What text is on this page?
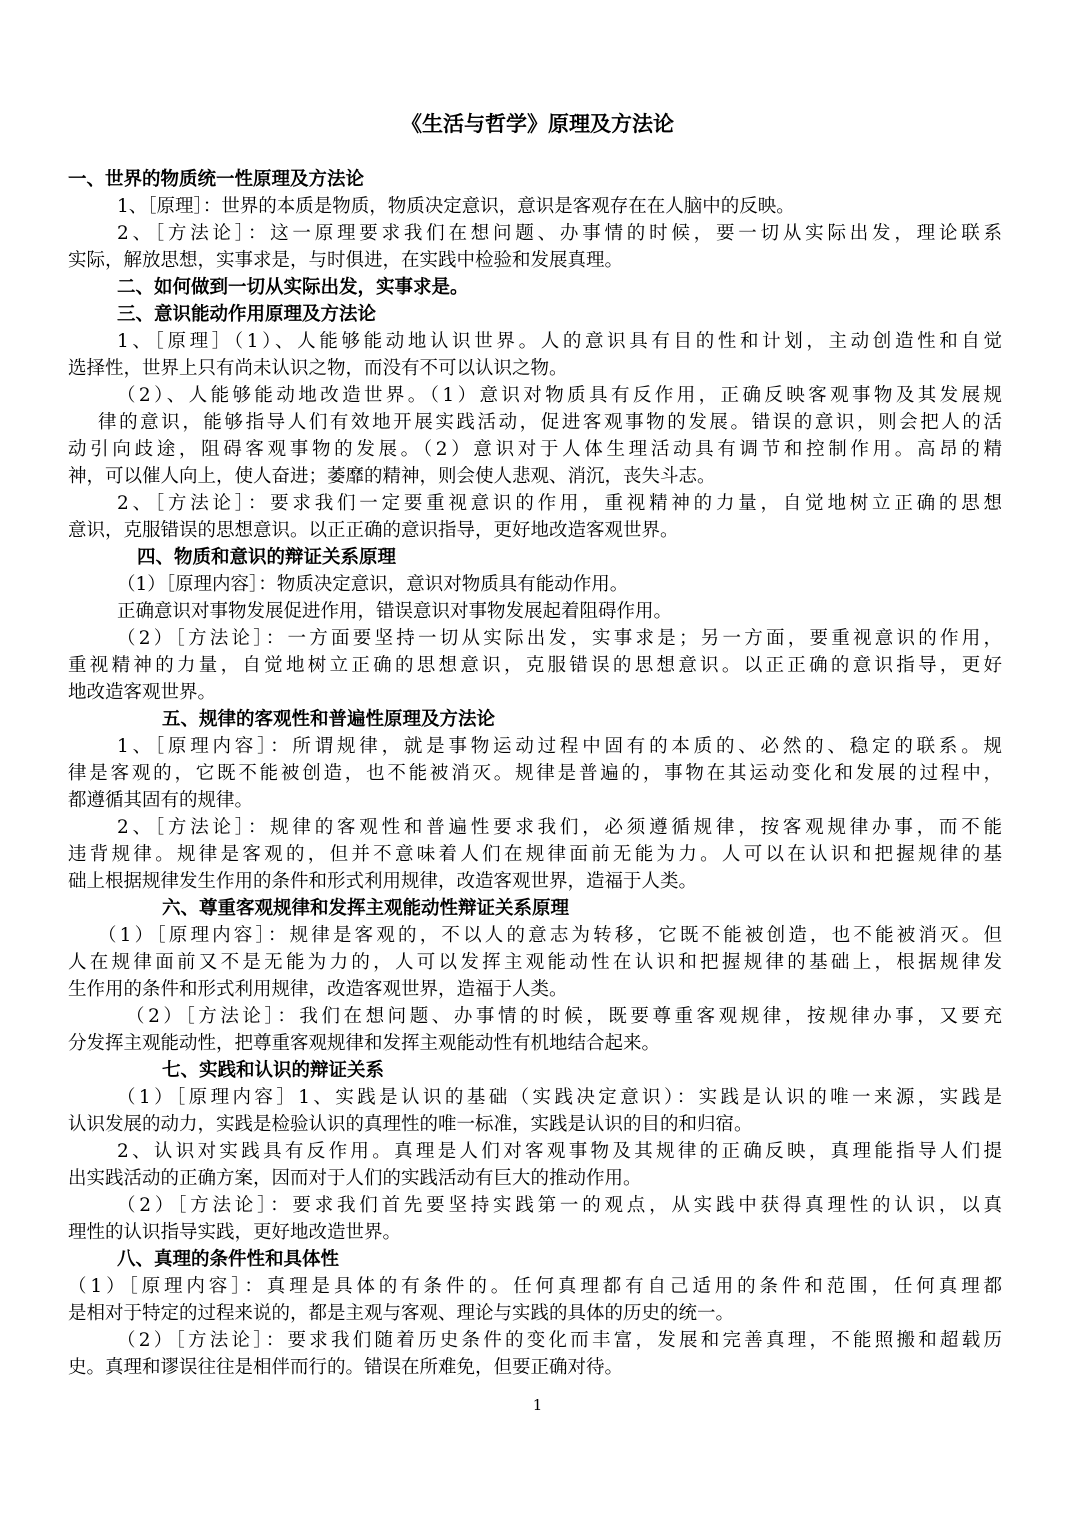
《生活与哲学》原理及方法论
一、世界的物质统一性原理及方法论
1、［原理］：世界的本质是物质，物质决定意识，意识是客观存在在人脑中的反映。
2、［方法论］：这一原理要求我们在想问题、办事情的时候，要一切从实际出发，理论联系
实际，解放思想，实事求是，与时俱进，在实践中检验和发展真理。
二、如何做到一切从实际出发，实事求是。
三、意识能动作用原理及方法论
1、［原理］（1）、人能够能动地认识世界。人的意识具有目的性和计划，主动创造性和自觉
选择性，世界上只有尚未认识之物，而没有不可以认识之物。
（2）、人能够能动地改造世界。（1）意识对物质具有反作用，正确反映客观事物及其发展规
律的意识，能够指导人们有效地开展实践活动，促进客观事物的发展。错误的意识，则会把人的活
动引向歧途，阻碍客观事物的发展。（2）意识对于人体生理活动具有调节和控制作用。高昂的精
神，可以催人向上，使人奋进；萎靡的精神，则会使人悲观、消沉，丧失斗志。
2、［方法论］：要求我们一定要重视意识的作用，重视精神的力量，自觉地树立正确的思想
意识，克服错误的思想意识。以正正确的意识指导，更好地改造客观世界。
四、物质和意识的辩证关系原理
（1）［原理内容］：物质决定意识，意识对物质具有能动作用。
正确意识对事物发展促进作用，错误意识对事物发展起着阻碍作用。
（2）［方法论］：一方面要坚持一切从实际出发，实事求是；另一方面，要重视意识的作用，
重视精神的力量，自觉地树立正确的思想意识，克服错误的思想意识。以正正确的意识指导，更好
地改造客观世界。
五、规律的客观性和普遍性原理及方法论
1、［原理内容］：所谓规律，就是事物运动过程中固有的本质的、必然的、稳定的联系。规
律是客观的，它既不能被创造，也不能被消灭。规律是普遍的，事物在其运动变化和发展的过程中，
都遵循其固有的规律。
2、［方法论］：规律的客观性和普遍性要求我们，必须遵循规律，按客观规律办事，而不能
违背规律。规律是客观的，但并不意味着人们在规律面前无能为力。人可以在认识和把握规律的基
础上根据规律发生作用的条件和形式利用规律，改造客观世界，造福于人类。
六、尊重客观规律和发挥主观能动性辩证关系原理
（1）［原理内容］：规律是客观的，不以人的意志为转移，它既不能被创造，也不能被消灭。但
人在规律面前又不是无能为力的，人可以发挥主观能动性在认识和把握规律的基础上，根据规律发
生作用的条件和形式利用规律，改造客观世界，造福于人类。
（2）［方法论］：我们在想问题、办事情的时候，既要尊重客观规律，按规律办事，又要充
分发挥主观能动性，把尊重客观规律和发挥主观能动性有机地结合起来。
七、实践和认识的辩证关系
（1）［原理内容］1、实践是认识的基础（实践决定意识）：实践是认识的唯一来源，实践是
认识发展的动力，实践是检验认识的真理性的唯一标准，实践是认识的目的和归宿。
2、认识对实践具有反作用。真理是人们对客观事物及其规律的正确反映，真理能指导人们提
出实践活动的正确方案，因而对于人们的实践活动有巨大的推动作用。
（2）［方法论］：要求我们首先要坚持实践第一的观点，从实践中获得真理性的认识，以真
理性的认识指导实践，更好地改造世界。
八、真理的条件性和具体性
（1）［原理内容］：真理是具体的有条件的。任何真理都有自己适用的条件和范围，任何真理都
是相对于特定的过程来说的，都是主观与客观、理论与实践的具体的历史的统一。
（2）［方法论］：要求我们随着历史条件的变化而丰富，发展和完善真理，不能照搬和超载历
史。真理和谬误往往是相伴而行的。错误在所难免，但要正确对待。
1
